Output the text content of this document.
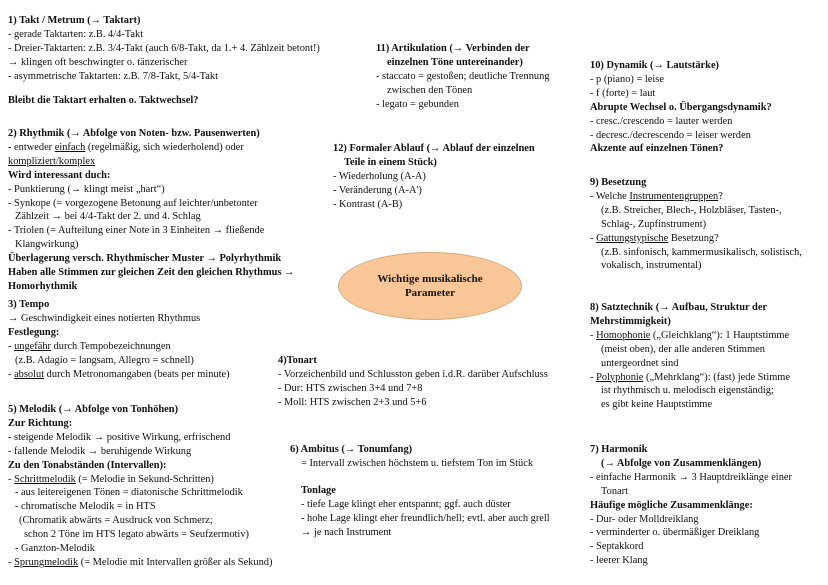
1) Takt / Metrum (→ Taktart)

- gerade Taktarten: z.B. 4/4-Takt

- Dreier-Taktarten: z.B. 3/4-Takt (auch 6/8-Takt, da 1.+ 4. Zählzeit betont!)

→ klingen oft beschwingter o. tänzerischer

- asymmetrische Taktarten: z.B. 7/8-Takt, 5/4-Takt

Bleibt die Taktart erhalten o. Taktwechsel?

2) Rhythmik (→ Abfolge von Noten- bzw. Pausenwerten)

- entweder einfach (regelmäßig, sich wiederholend) oder

kompliziert/komplex

Wird interessant duch:

- Punktierung (→ klingt meist „hart“)

- Synkope (= vorgezogene Betonung auf leichter/unbetonter

Zählzeit → bei 4/4-Takt der 2. und 4. Schlag

- Triolen (= Aufteilung einer Note in 3 Einheiten → fließende

Klangwirkung)

Überlagerung versch. Rhythmischer Muster → Polyrhythmik

Haben alle Stimmen zur gleichen Zeit den gleichen Rhythmus →

Homorhythmik

3) Tempo

→ Geschwindigkeit eines notierten Rhythmus

Festlegung:

- ungefähr durch Tempobezeichnungen

(z.B. Adagio = langsam, Allegro = schnell)

- absolut durch Metronomangaben (beats per minute)

5) Melodik (→ Abfolge von Tonhöhen)

Zur Richtung:

- steigende Melodik → positive Wirkung, erfrischend

- fallende Melodik → beruhigende Wirkung

Zu den Tonabständen (Intervallen):

- Schrittmelodik (= Melodie in Sekund-Schritten)

- aus leitereigenen Tönen = diatonische Schrittmelodik

- chromatische Melodik = in HTS

(Chromatik abwärts = Ausdruck von Schmerz;

schon 2 Töne im HTS legato abwärts = Seufzermotiv)

- Ganzton-Melodik

- Sprungmelodik (= Melodie mit Intervallen größer als Sekund)

11) Artikulation (→ Verbinden der

einzelnen Töne untereinander)

- staccato = gestoßen; deutliche Trennung

zwischen den Tönen

- legato = gebunden

12) Formaler Ablauf (→ Ablauf der einzelnen

Teile in einem Stück)

- Wiederholung (A-A)

- Veränderung (A-A')

- Kontrast (A-B)

Wichtige musikalische
Parameter

4)Tonart

- Vorzeichenbild und Schlusston geben i.d.R. darüber Aufschluss

- Dur: HTS zwischen 3+4 und 7+8

- Moll: HTS zwischen 2+3 und 5+6

6) Ambitus (→ Tonumfang)

= Intervall zwischen höchstem u. tiefstem Ton im Stück

Tonlage

- tiefe Lage klingt eher entspannt; ggf. auch düster

- hohe Lage klingt eher freundlich/hell; evtl. aber auch grell

→ je nach Instrument

10) Dynamik (→ Lautstärke)

- p (piano) = leise

- f (forte) = laut

Abrupte Wechsel o. Übergangsdynamik?

- cresc./crescendo = lauter werden

- decresc./decrescendo = leiser werden

Akzente auf einzelnen Tönen?

9) Besetzung

- Welche Instrumentengruppen?

(z.B. Streicher, Blech-, Holzbläser, Tasten-,

Schlag-, Zupfinstrument)

- Gattungstypische Besetzung?

(z.B. sinfonisch, kammermusikalisch, solistisch,

vokalisch, instrumental)

8) Satztechnik (→ Aufbau, Struktur der

Mehrstimmigkeit)

- Homophonie („Gleichklang“): 1 Hauptstimme

(meist oben), der alle anderen Stimmen

untergeordnet sind

- Polyphonie („Mehrklang“): (fast) jede Stimme

ist rhythmisch u. melodisch eigenständig;

es gibt keine Hauptstimme

7) Harmonik

(→ Abfolge von Zusammenklängen)

- einfache Harmonik → 3 Hauptdreiklänge einer

Tonart

Häufige mögliche Zusammenklänge:

- Dur- oder Molldreiklang

- verminderter o. übermäßiger Dreiklang

- Septakkord

- leerer Klang
